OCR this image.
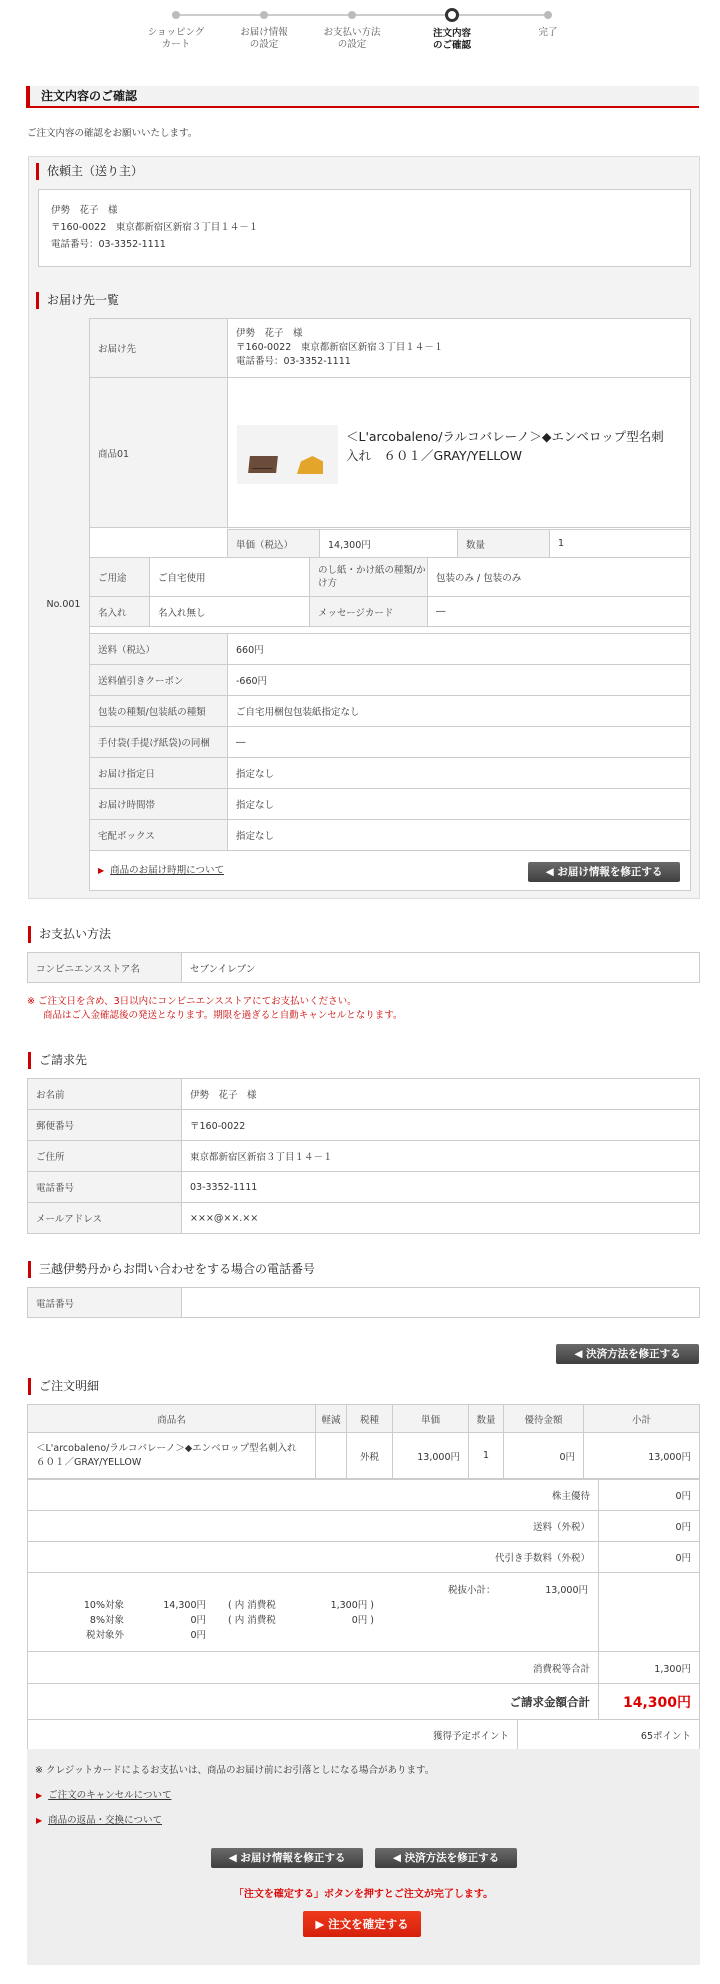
ショッピング
カート
お届け情報
の設定
お支払い方法
の設定
注文内容
のご確認
完了
注文内容のご確認
ご注文内容の確認をお願いいたします。
依頼主（送り主）
伊勢　花子　様
〒160-0022　東京都新宿区新宿３丁目１４－１
電話番号：03-3352-1111
お届け先一覧
No.001
お届け先	伊勢　花子　様
〒160-0022　東京都新宿区新宿３丁目１４－１
電話番号：03-3352-1111

商品01	
＜L'arcobaleno/ラルコバレーノ＞◆エンベロップ型名刺入れ　６０１／GRAY/YELLOW
単価（税込）	14,300円	数量	1
ご用途	ご自宅使用	のし紙・かけ紙の種類/かけ方	包装のみ / 包装のみ
名入れ	名入れ無し	メッセージカード	―
送料（税込）	660円
送料値引きクーポン	-660円
包装の種類/包装紙の種類	ご自宅用梱包包装紙指定なし
手付袋(手提げ紙袋)の同梱	―
お届け指定日	指定なし
お届け時間帯	指定なし
宅配ボックス	指定なし
▶ 商品のお届け時期について	◀ お届け情報を修正する
お支払い方法
コンビニエンスストア名	セブンイレブン
※ ご注文日を含め、3日以内にコンビニエンスストアにてお支払いください。
商品はご入金確認後の発送となります。期限を過ぎると自動キャンセルとなります。
ご請求先
お名前	伊勢　花子　様
郵便番号	〒160-0022
ご住所	東京都新宿区新宿３丁目１４－１
電話番号	03-3352-1111
メールアドレス	×××@××.××
三越伊勢丹からお問い合わせをする場合の電話番号
電話番号	
◀ 決済方法を修正する
ご注文明細
商品名	軽減	税種	単価	数量	優待金額	小計
＜L'arcobaleno/ラルコバレーノ＞◆エンベロップ型名刺入れ　６０１／GRAY/YELLOW		外税	13,000円	1	0円	13,000円
株主優待	0円
送料（外税）	0円
代引き手数料（外税）	0円

消費税等合計	1,300円
ご請求金額合計	14,300円
獲得予定ポイント	65ポイント
税抜小計：	13,000円
10%対象	14,300円	( 内 消費税	1,300円 )
8%対象	0円	( 内 消費税	0円 )
税対象外	0円
※ クレジットカードによるお支払いは、商品のお届け前にお引落としになる場合があります。
▶ ご注文のキャンセルについて
▶ 商品の返品・交換について
◀ お届け情報を修正する	◀ 決済方法を修正する
「注文を確定する」ボタンを押すとご注文が完了します。
▶ 注文を確定する
